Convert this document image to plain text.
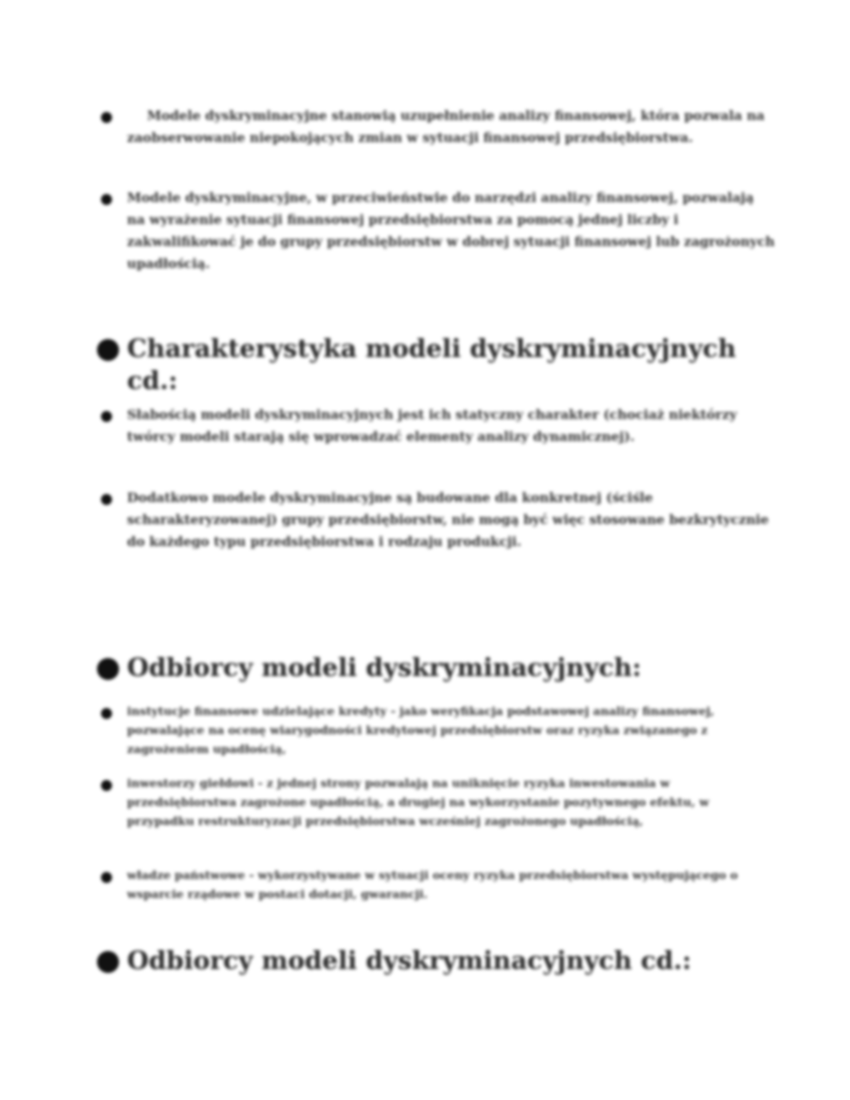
Modele dyskryminacyjne stanowią uzupełnienie analizy finansowej, która pozwala na zaobserwowanie niepokojących zmian w sytuacji finansowej przedsiębiorstwa.
Modele dyskryminacyjne, w przeciwieństwie do narzędzi analizy finansowej, pozwalają na wyrażenie sytuacji finansowej przedsiębiorstwa za pomocą jednej liczby i zakwalifikować je do grupy przedsiębiorstw w dobrej sytuacji finansowej lub zagrożonych upadłością.
Charakterystyka modeli dyskryminacyjnych cd.:
Słabością modeli dyskryminacyjnych jest ich statyczny charakter (chociaż niektórzy twórcy modeli starają się wprowadzać elementy analizy dynamicznej).
Dodatkowo modele dyskryminacyjne są budowane dla konkretnej (ściśle scharakteryzowanej) grupy przedsiębiorstw, nie mogą być więc stosowane bezkrytycznie do każdego typu przedsiębiorstwa i rodzaju produkcji.
Odbiorcy modeli dyskryminacyjnych:
instytucje finansowe udzielające kredyty - jako weryfikacja podstawowej analizy finansowej, pozwalające na ocenę wiarygodności kredytowej przedsiębiorstw oraz ryzyka związanego z zagrożeniem upadłością,
inwestorzy giełdowi - z jednej strony pozwalają na uniknięcie ryzyka inwestowania w przedsiębiorstwa zagrożone upadłością, a drugiej na wykorzystanie pozytywnego efektu, w przypadku restrukturyzacji przedsiębiorstwa wcześniej zagrożonego upadłością,
władze państwowe - wykorzystywane w sytuacji oceny ryzyka przedsiębiorstwa występującego o wsparcie rządowe w postaci dotacji, gwarancji.
Odbiorcy modeli dyskryminacyjnych cd.:
